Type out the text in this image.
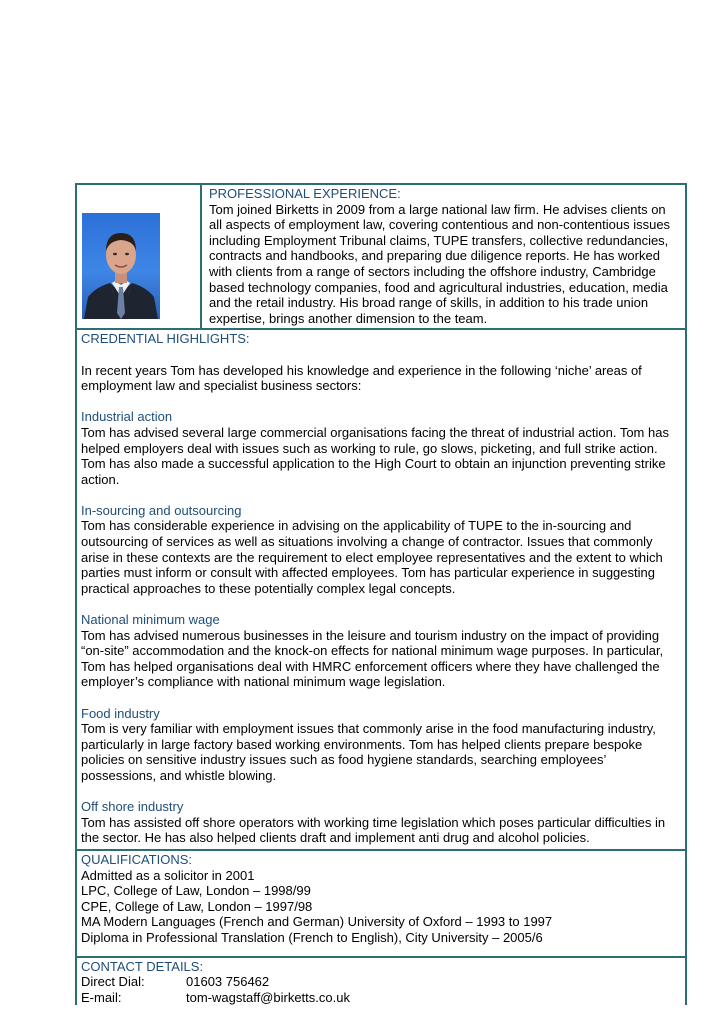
PROFESSIONAL EXPERIENCE:

Tom joined Birketts in 2009 from a large national law firm. He advises clients on all aspects of employment law, covering contentious and non-contentious issues including Employment Tribunal claims, TUPE transfers, collective redundancies, contracts and handbooks, and preparing due diligence reports. He has worked with clients from a range of sectors including the offshore industry, Cambridge based technology companies, food and agricultural industries, education, media and the retail industry. His broad range of skills, in addition to his trade union expertise, brings another dimension to the team.

CREDENTIAL HIGHLIGHTS:

In recent years Tom has developed his knowledge and experience in the following ‘niche’ areas of employment law and specialist business sectors:

Industrial action

Tom has advised several large commercial organisations facing the threat of industrial action. Tom has helped employers deal with issues such as working to rule, go slows, picketing, and full strike action. Tom has also made a successful application to the High Court to obtain an injunction preventing strike action.

In-sourcing and outsourcing

Tom has considerable experience in advising on the applicability of TUPE to the in-sourcing and outsourcing of services as well as situations involving a change of contractor. Issues that commonly arise in these contexts are the requirement to elect employee representatives and the extent to which parties must inform or consult with affected employees. Tom has particular experience in suggesting practical approaches to these potentially complex legal concepts.

National minimum wage

Tom has advised numerous businesses in the leisure and tourism industry on the impact of providing “on-site” accommodation and the knock-on effects for national minimum wage purposes. In particular, Tom has helped organisations deal with HMRC enforcement officers where they have challenged the employer’s compliance with national minimum wage legislation.

Food industry

Tom is very familiar with employment issues that commonly arise in the food manufacturing industry, particularly in large factory based working environments. Tom has helped clients prepare bespoke policies on sensitive industry issues such as food hygiene standards, searching employees’ possessions, and whistle blowing.

Off shore industry

Tom has assisted off shore operators with working time legislation which poses particular difficulties in the sector. He has also helped clients draft and implement anti drug and alcohol policies.

QUALIFICATIONS:
Admitted as a solicitor in 2001
LPC, College of Law, London – 1998/99
CPE, College of Law, London – 1997/98
MA Modern Languages (French and German) University of Oxford – 1993 to 1997
Diploma in Professional Translation (French to English), City University – 2005/6
CONTACT DETAILS:
Direct Dial:	01603 756462
E-mail:	tom-wagstaff@birketts.co.uk
